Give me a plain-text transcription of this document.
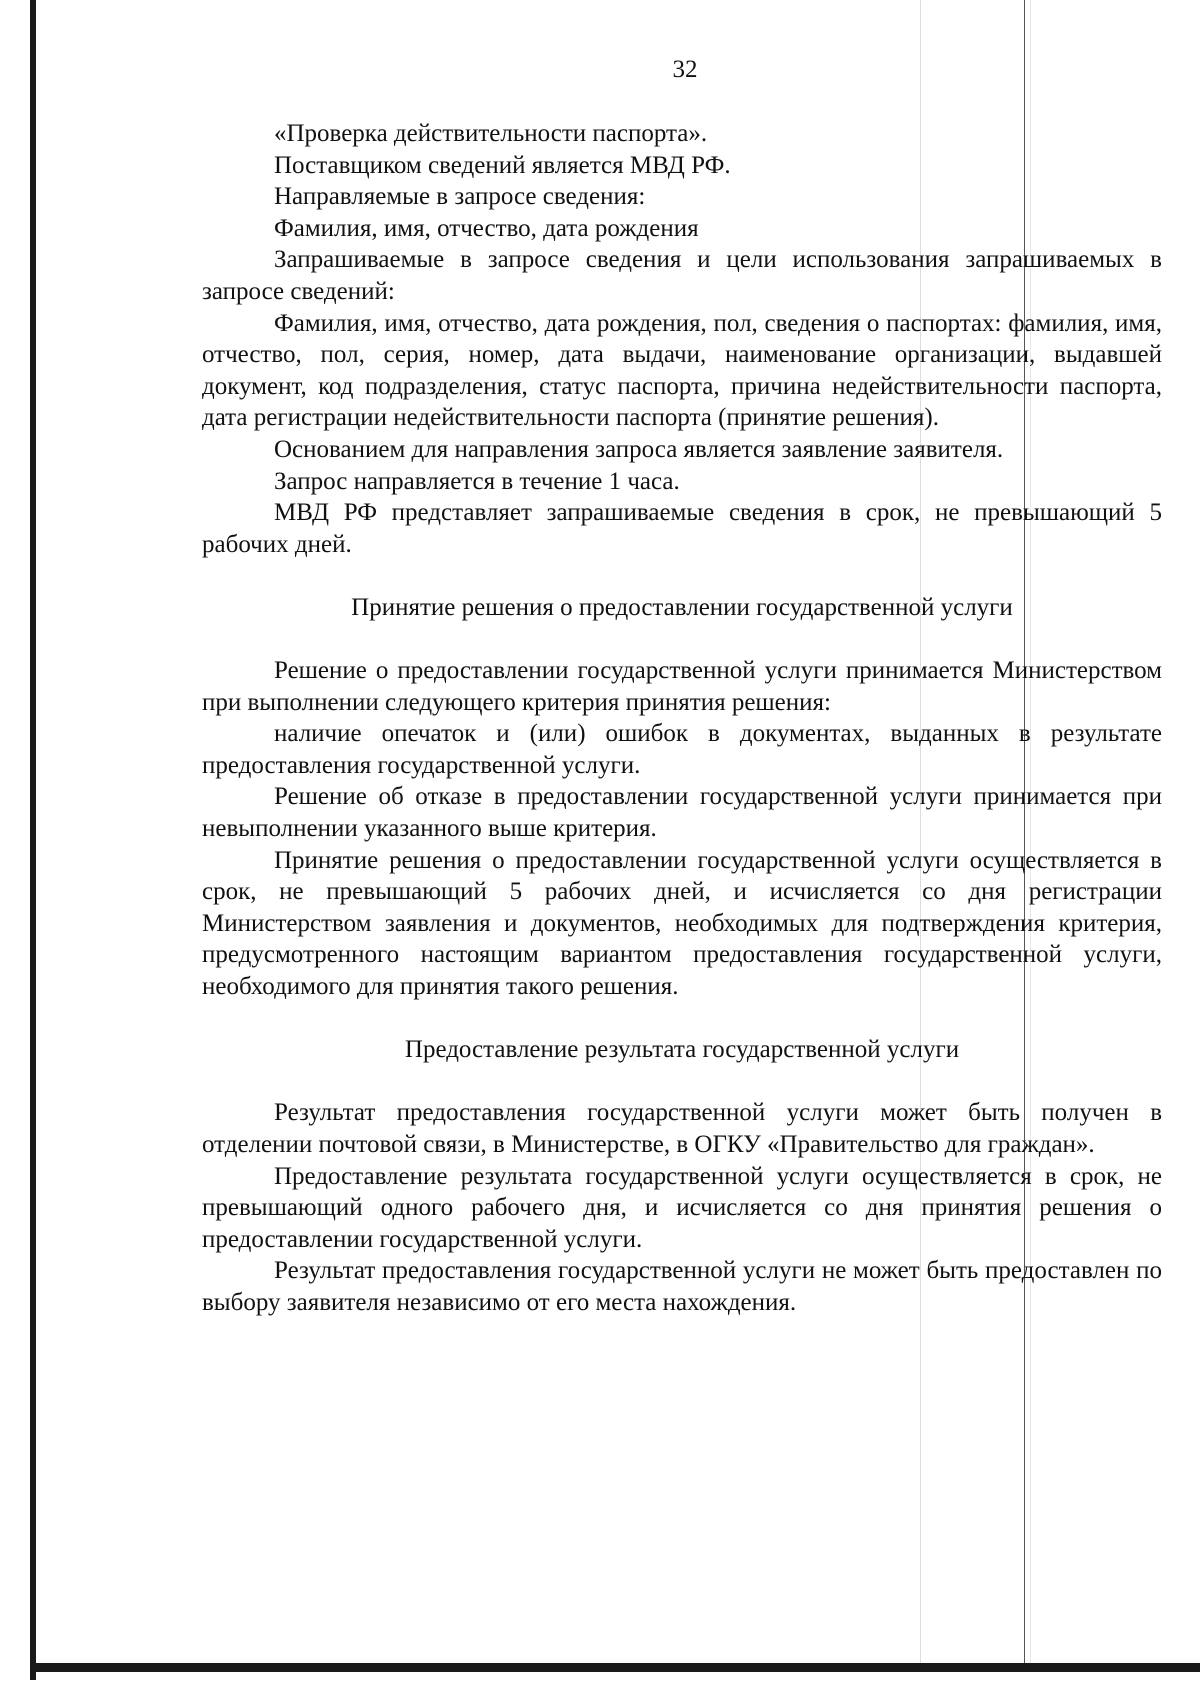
32

«Проверка действительности паспорта».

Поставщиком сведений является МВД РФ.

Направляемые в запросе сведения:

Фамилия, имя, отчество, дата рождения

Запрашиваемые в запросе сведения и цели использования запрашиваемых в запросе сведений:

Фамилия, имя, отчество, дата рождения, пол, сведения о паспортах: фамилия, имя, отчество, пол, серия, номер, дата выдачи, наименование организации, выдавшей документ, код подразделения, статус паспорта, причина недействительности паспорта, дата регистрации недействительности паспорта (принятие решения).

Основанием для направления запроса является заявление заявителя.

Запрос направляется в течение 1 часа.

МВД РФ представляет запрашиваемые сведения в срок, не превышающий 5 рабочих дней.

Принятие решения о предоставлении государственной услуги

Решение о предоставлении государственной услуги принимается Министерством при выполнении следующего критерия принятия решения:

наличие опечаток и (или) ошибок в документах, выданных в результате предоставления государственной услуги.

Решение об отказе в предоставлении государственной услуги принимается при невыполнении указанного выше критерия.

Принятие решения о предоставлении государственной услуги осуществляется в срок, не превышающий 5 рабочих дней, и исчисляется со дня регистрации Министерством заявления и документов, необходимых для подтверждения критерия, предусмотренного настоящим вариантом предоставления государственной услуги, необходимого для принятия такого решения.

Предоставление результата государственной услуги

Результат предоставления государственной услуги может быть получен в отделении почтовой связи, в Министерстве, в ОГКУ «Правительство для граждан».

Предоставление результата государственной услуги осуществляется в срок, не превышающий одного рабочего дня, и исчисляется со дня принятия решения о предоставлении государственной услуги.

Результат предоставления государственной услуги не может быть предоставлен по выбору заявителя независимо от его места нахождения.
